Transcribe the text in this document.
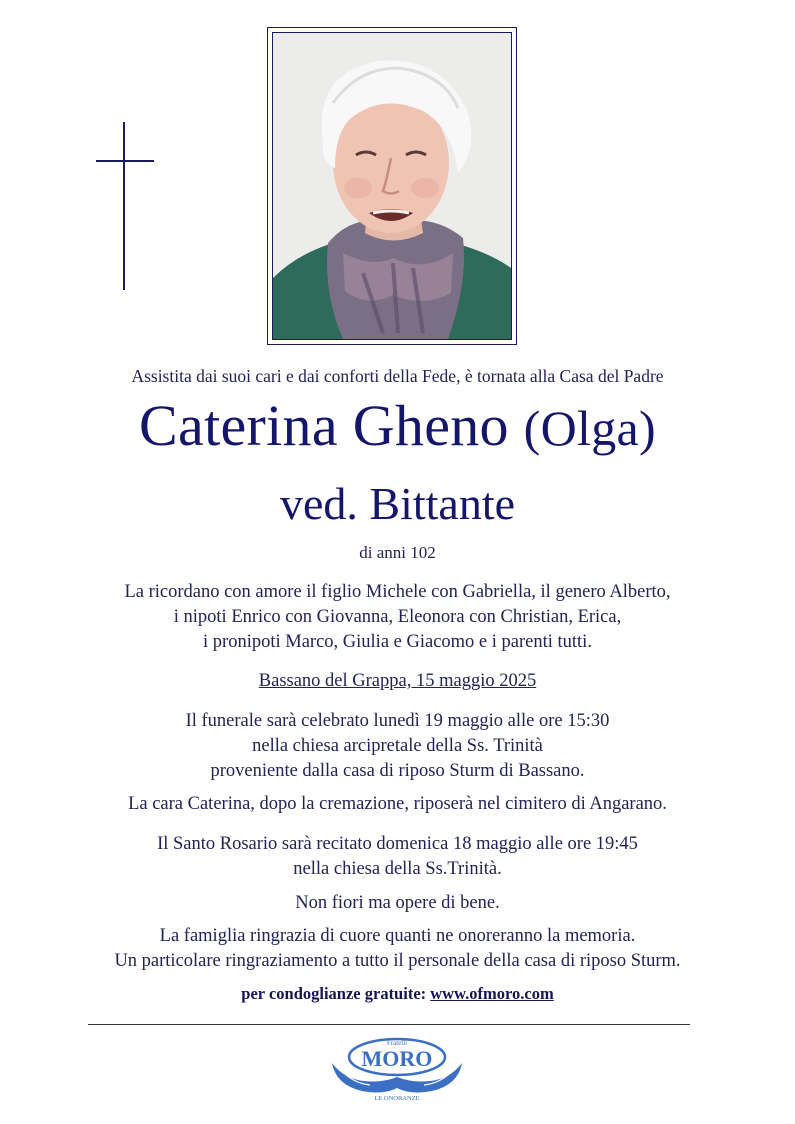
Assistita dai suoi cari e dai conforti della Fede, è tornata alla Casa del Padre
Caterina Gheno (Olga)
ved. Bittante
di anni 102
La ricordano con amore il figlio Michele con Gabriella, il genero Alberto,
i nipoti Enrico con Giovanna, Eleonora con Christian, Erica,
i pronipoti Marco, Giulia e Giacomo e i parenti tutti.
Bassano del Grappa, 15 maggio 2025
Il funerale sarà celebrato lunedì 19 maggio alle ore 15:30
nella chiesa arcipretale della Ss. Trinità
proveniente dalla casa di riposo Sturm di Bassano.
La cara Caterina, dopo la cremazione, riposerà nel cimitero di Angarano.
Il Santo Rosario sarà recitato domenica 18 maggio alle ore 19:45
nella chiesa della Ss.Trinità.
Non fiori ma opere di bene.
La famiglia ringrazia di cuore quanti ne onoreranno la memoria.
Un particolare ringraziamento a tutto il personale della casa di riposo Sturm.
per condoglianze gratuite: www.ofmoro.com
Fratelli
MORO
LE ONORANZE
